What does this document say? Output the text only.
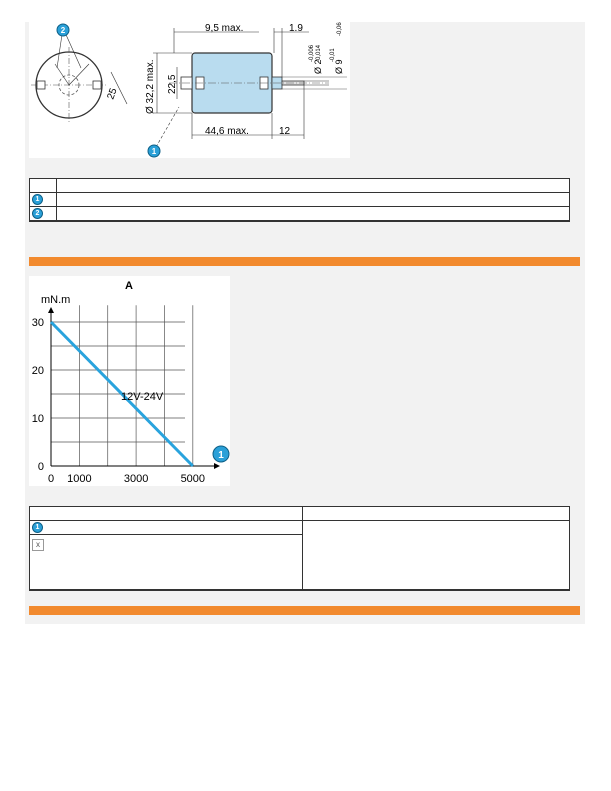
25
2	9,5 max.	1.9
Ø 2
-0,006 -0,014
Ø 9
-0,01
-0,06
Ø 32,2 max. 22,5
44,6 max.	12
1

1	
2	
A
mN.m
0 1000	3000	5000
0
10
20
30
12V-24V
1

1		
x		
